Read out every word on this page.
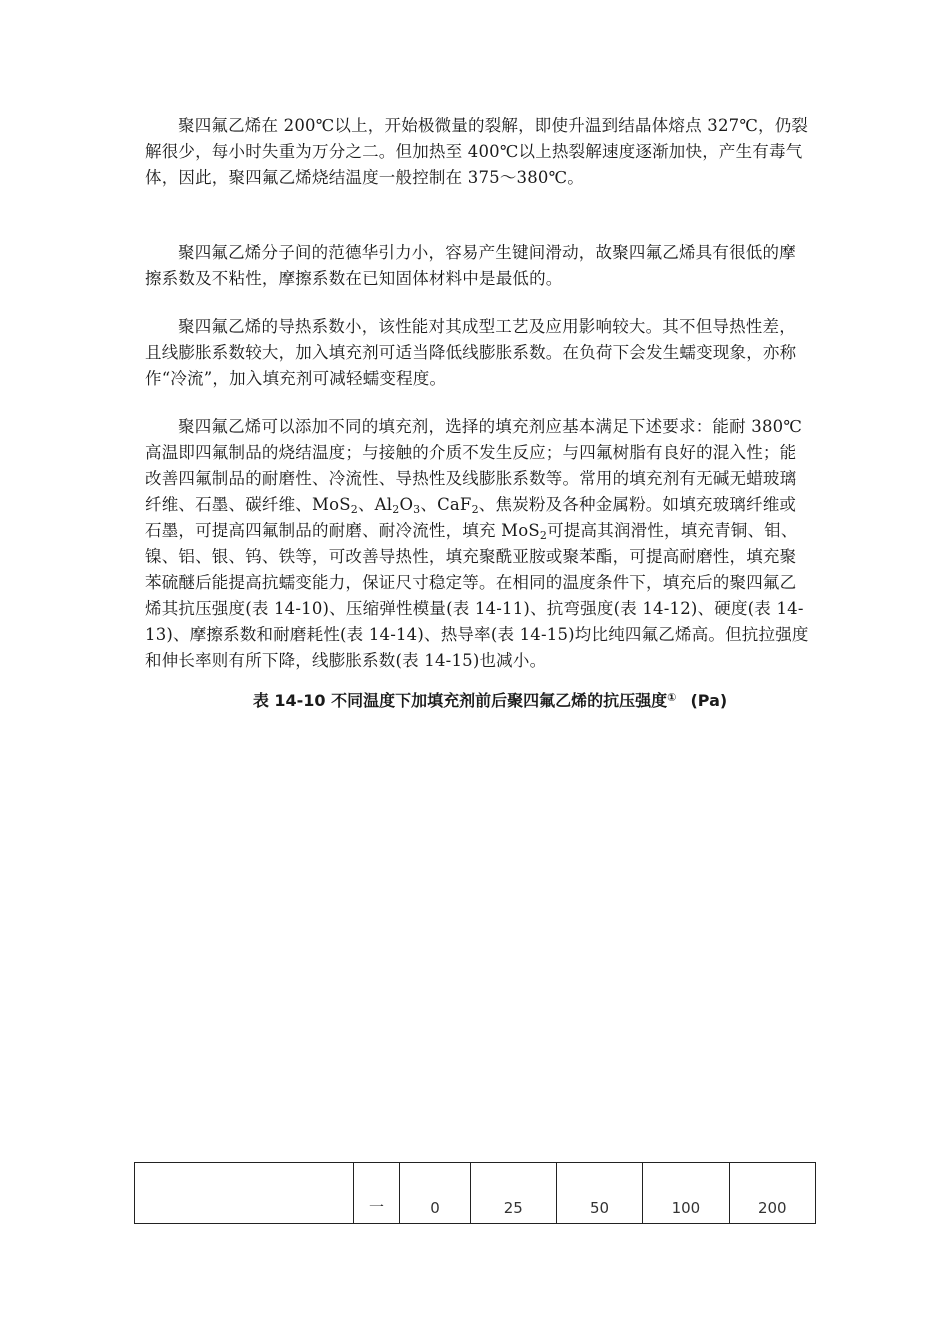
聚四氟乙烯在 200℃以上，开始极微量的裂解，即使升温到结晶体熔点 327℃，仍裂解很少，每小时失重为万分之二。但加热至 400℃以上热裂解速度逐渐加快，产生有毒气体，因此，聚四氟乙烯烧结温度一般控制在 375～380℃。

聚四氟乙烯分子间的范德华引力小，容易产生键间滑动，故聚四氟乙烯具有很低的摩擦系数及不粘性，摩擦系数在已知固体材料中是最低的。

聚四氟乙烯的导热系数小，该性能对其成型工艺及应用影响较大。其不但导热性差，且线膨胀系数较大，加入填充剂可适当降低线膨胀系数。在负荷下会发生蠕变现象，亦称作“冷流”，加入填充剂可减轻蠕变程度。

聚四氟乙烯可以添加不同的填充剂，选择的填充剂应基本满足下述要求：能耐 380℃高温即四氟制品的烧结温度；与接触的介质不发生反应；与四氟树脂有良好的混入性；能改善四氟制品的耐磨性、冷流性、导热性及线膨胀系数等。常用的填充剂有无碱无蜡玻璃纤维、石墨、碳纤维、MoS$_2$、$Al_2O_3$、CaF$_2$、焦炭粉及各种金属粉。如填充玻璃纤维或石墨，可提高四氟制品的耐磨、耐冷流性，填充 MoS$_2$可提高其润滑性，填充青铜、钼、镍、铝、银、钨、铁等，可改善导热性，填充聚酰亚胺或聚苯酯，可提高耐磨性，填充聚苯硫醚后能提高抗蠕变能力，保证尺寸稳定等。在相同的温度条件下，填充后的聚四氟乙烯其抗压强度(表 14-10)、压缩弹性模量(表 14-11)、抗弯强度(表 14-12)、硬度(表 14-13)、摩擦系数和耐磨耗性(表 14-14)、热导率(表 14-15)均比纯四氟乙烯高。但抗拉强度和伸长率则有所下降，线膨胀系数(表 14-15)也减小。

表 14-10 不同温度下加填充剂前后聚四氟乙烯的抗压强度① (Pa)

	一	0	25	50	100	200
